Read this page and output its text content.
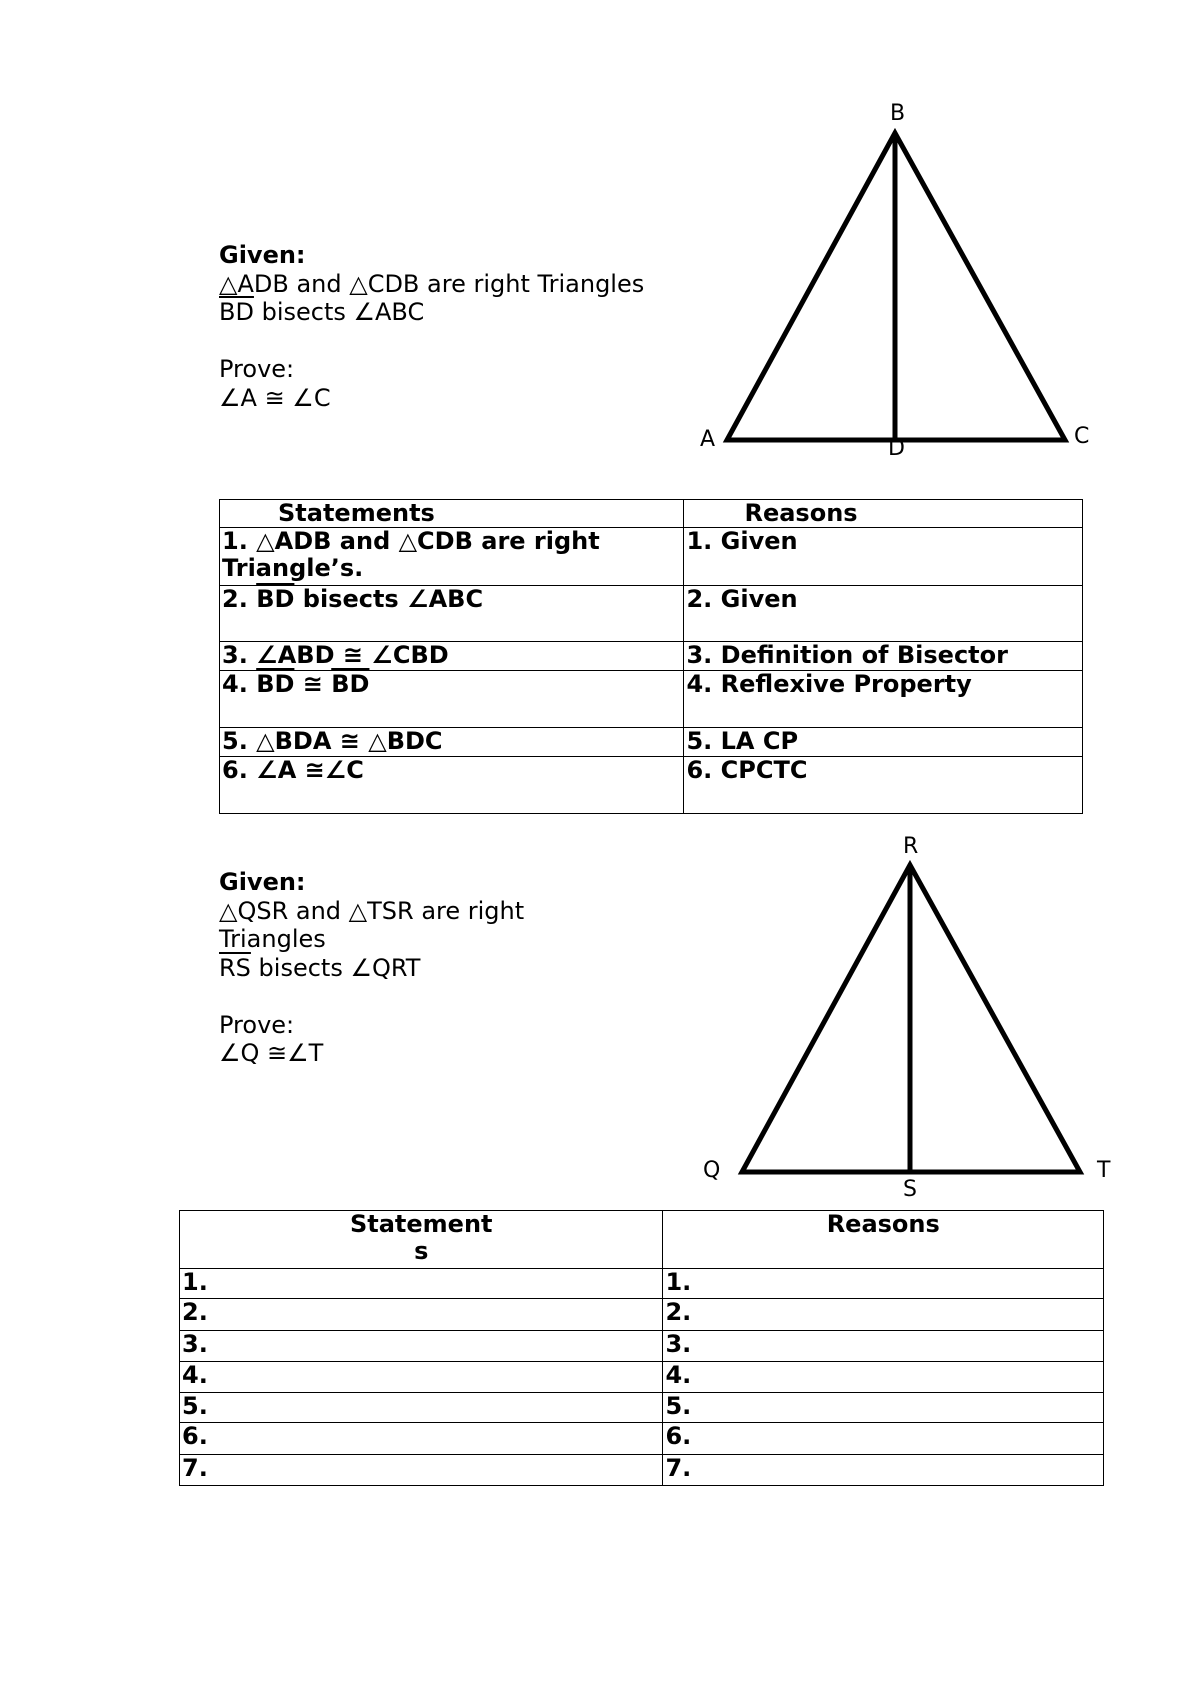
Given:
△ADB and △CDB are right Triangles
$\overline{BD}$ bisects ∠ABC
Prove:
∠A ≅ ∠C
A
B
C
D
Statements	Reasons
1. △ADB and △CDB are right Triangle’s.	1. Given
2. $\overline{BD}$ bisects ∠ABC	2. Given
3. ∠ABD ≅ ∠CBD	3. Definition of Bisector
4. $\overline{BD}$ ≅ $\overline{BD}$	4. Reflexive Property
5. △BDA ≅ △BDC	5. LA CP
6. ∠A ≅∠C	6. CPCTC
Given:
△QSR and △TSR are right
Triangles
$\overline{RS}$ bisects ∠QRT
Prove:
∠Q ≅∠T
R
Q	T
S
Statement
s	Reasons
1.	1.
2.	2.
3.	3.
4.	4.
5.	5.
6.	6.
7.	7.
